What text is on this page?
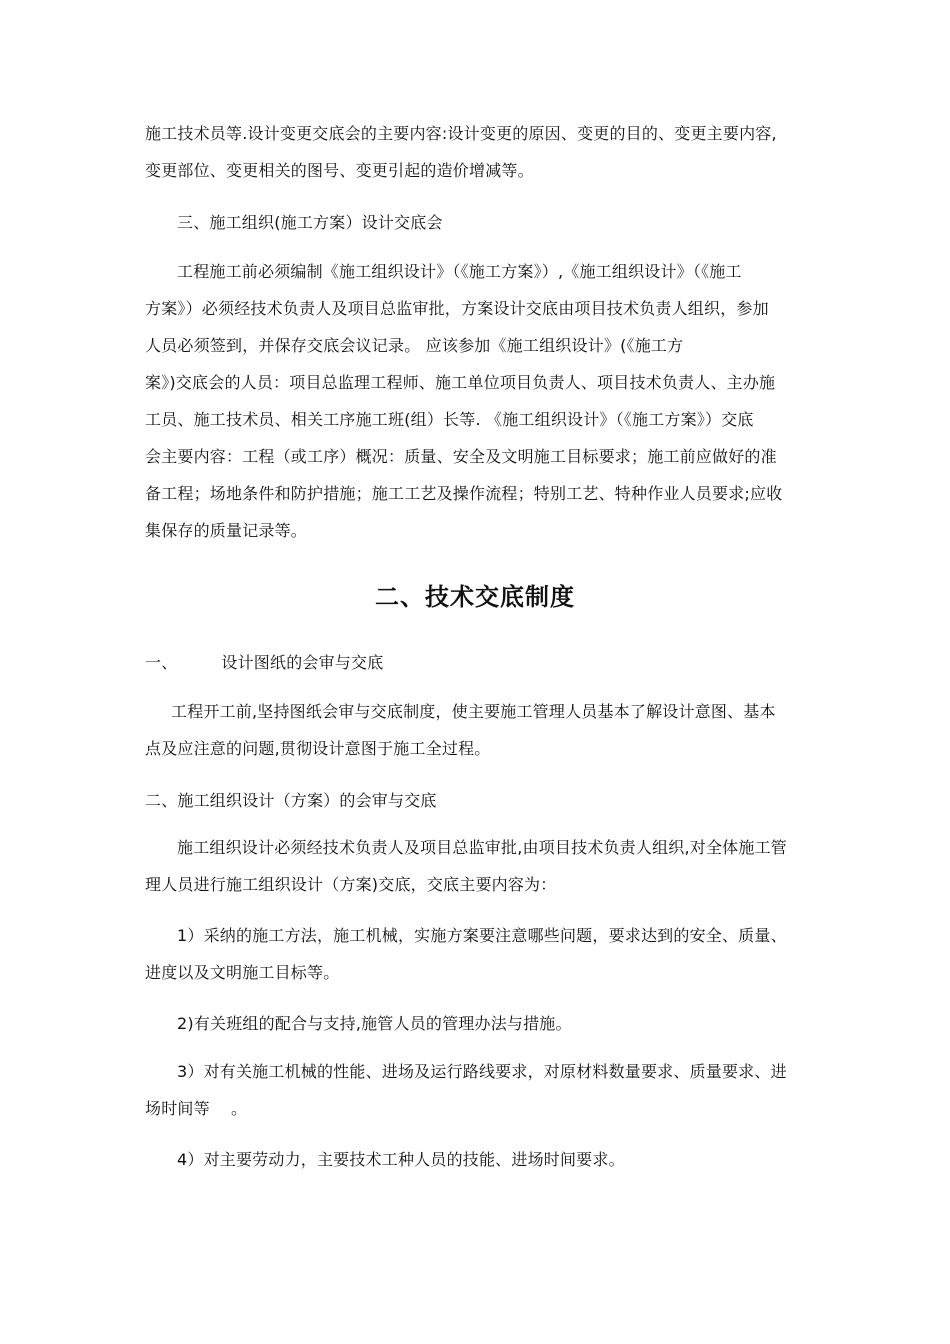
施工技术员等.设计变更交底会的主要内容:设计变更的原因、变更的目的、变更主要内容,
变更部位、变更相关的图号、变更引起的造价增减等。
三、施工组织(施工方案）设计交底会
工程施工前必须编制《施工组织设计》（《施工方案》）,《施工组织设计》（《施工
方案》）必须经技术负责人及项目总监审批，方案设计交底由项目技术负责人组织，参加
人员必须签到，并保存交底会议记录。 应该参加《施工组织设计》(《施工方
案》)交底会的人员：项目总监理工程师、施工单位项目负责人、项目技术负责人、主办施
工员、施工技术员、相关工序施工班(组）长等. 《施工组织设计》（《施工方案》）交底
会主要内容：工程（或工序）概况：质量、安全及文明施工目标要求；施工前应做好的准
备工程；场地条件和防护措施；施工工艺及操作流程；特别工艺、特种作业人员要求;应收
集保存的质量记录等。
二、技术交底制度
一、	设计图纸的会审与交底
工程开工前,坚持图纸会审与交底制度，使主要施工管理人员基本了解设计意图、基本
点及应注意的问题,贯彻设计意图于施工全过程。
二、施工组织设计（方案）的会审与交底
施工组织设计必须经技术负责人及项目总监审批,由项目技术负责人组织,对全体施工管
理人员进行施工组织设计（方案)交底，交底主要内容为：
1）采纳的施工方法，施工机械，实施方案要注意哪些问题，要求达到的安全、质量、
进度以及文明施工目标等。
2)有关班组的配合与支持,施管人员的管理办法与措施。
3）对有关施工机械的性能、进场及运行路线要求，对原材料数量要求、质量要求、进
场时间等    。
4）对主要劳动力，主要技术工种人员的技能、进场时间要求。
